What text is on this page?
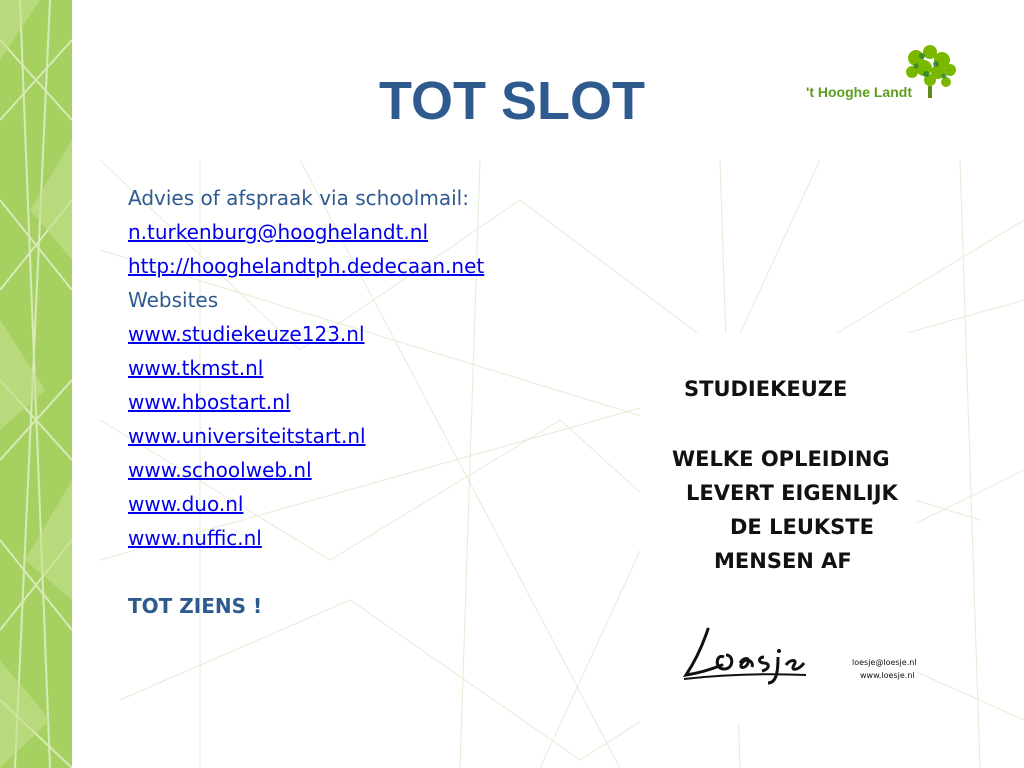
TOT SLOT	't Hooghe Landt
Advies of afspraak via schoolmail:
n.turkenburg@hooghelandt.nl
http://hooghelandtph.dedecaan.net
Websites
www.studiekeuze123.nl
www.tkmst.nl
www.hbostart.nl
www.universiteitstart.nl
www.schoolweb.nl
www.duo.nl
www.nuffic.nl
TOT ZIENS !
STUDIEKEUZE
WELKE OPLEIDING
LEVERT EIGENLIJK
DE LEUKSTE
MENSEN AF
loesje@loesje.nl
www.loesje.nl
